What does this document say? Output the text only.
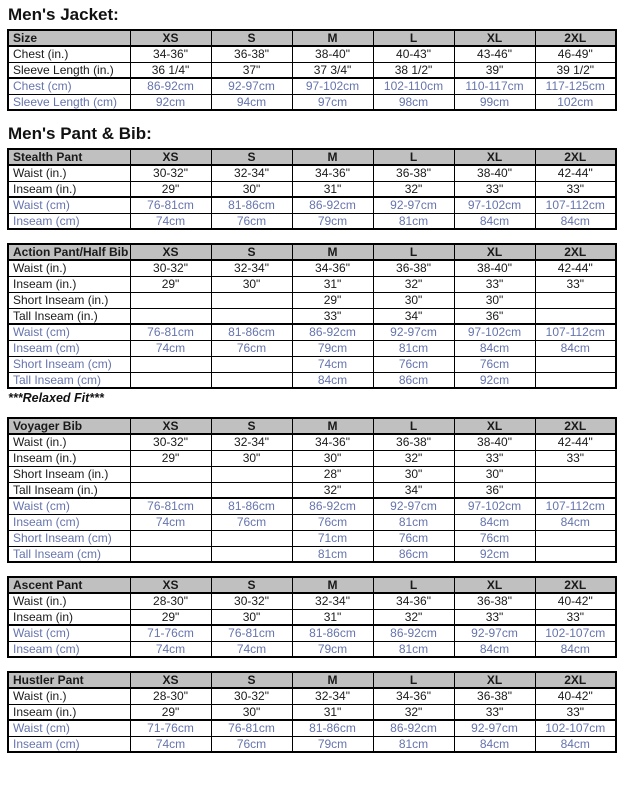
Men's Jacket:
Size	XS	S	M	L	XL	2XL
Chest (in.)	34-36"	36-38"	38-40"	40-43"	43-46"	46-49"
Sleeve Length (in.)	36 1/4"	37"	37 3/4"	38 1/2"	39"	39 1/2"
Chest (cm)	86-92cm	92-97cm	97-102cm	102-110cm	110-117cm	117-125cm
Sleeve Length (cm)	92cm	94cm	97cm	98cm	99cm	102cm
Men's Pant & Bib:
Stealth Pant	XS	S	M	L	XL	2XL
Waist (in.)	30-32"	32-34"	34-36"	36-38"	38-40"	42-44"
Inseam (in.)	29"	30"	31"	32"	33"	33"
Waist (cm)	76-81cm	81-86cm	86-92cm	92-97cm	97-102cm	107-112cm
Inseam (cm)	74cm	76cm	79cm	81cm	84cm	84cm
Action Pant/Half Bib	XS	S	M	L	XL	2XL
Waist (in.)	30-32"	32-34"	34-36"	36-38"	38-40"	42-44"
Inseam (in.)	29"	30"	31"	32"	33"	33"
Short Inseam (in.)			29"	30"	30"	
Tall Inseam (in.)			33"	34"	36"	
Waist (cm)	76-81cm	81-86cm	86-92cm	92-97cm	97-102cm	107-112cm
Inseam (cm)	74cm	76cm	79cm	81cm	84cm	84cm
Short Inseam (cm)			74cm	76cm	76cm	
Tall Inseam (cm)			84cm	86cm	92cm	
***Relaxed Fit***
Voyager Bib	XS	S	M	L	XL	2XL
Waist (in.)	30-32"	32-34"	34-36"	36-38"	38-40"	42-44"
Inseam (in.)	29"	30"	30"	32"	33"	33"
Short Inseam (in.)			28"	30"	30"	
Tall Inseam (in.)			32"	34"	36"	
Waist (cm)	76-81cm	81-86cm	86-92cm	92-97cm	97-102cm	107-112cm
Inseam (cm)	74cm	76cm	76cm	81cm	84cm	84cm
Short Inseam (cm)			71cm	76cm	76cm	
Tall Inseam (cm)			81cm	86cm	92cm	
Ascent Pant	XS	S	M	L	XL	2XL
Waist (in.)	28-30"	30-32"	32-34"	34-36"	36-38"	40-42"
Inseam (in)	29"	30"	31"	32"	33"	33"
Waist (cm)	71-76cm	76-81cm	81-86cm	86-92cm	92-97cm	102-107cm
Inseam (cm)	74cm	74cm	79cm	81cm	84cm	84cm
Hustler Pant	XS	S	M	L	XL	2XL
Waist (in.)	28-30"	30-32"	32-34"	34-36"	36-38"	40-42"
Inseam (in.)	29"	30"	31"	32"	33"	33"
Waist (cm)	71-76cm	76-81cm	81-86cm	86-92cm	92-97cm	102-107cm
Inseam (cm)	74cm	76cm	79cm	81cm	84cm	84cm
